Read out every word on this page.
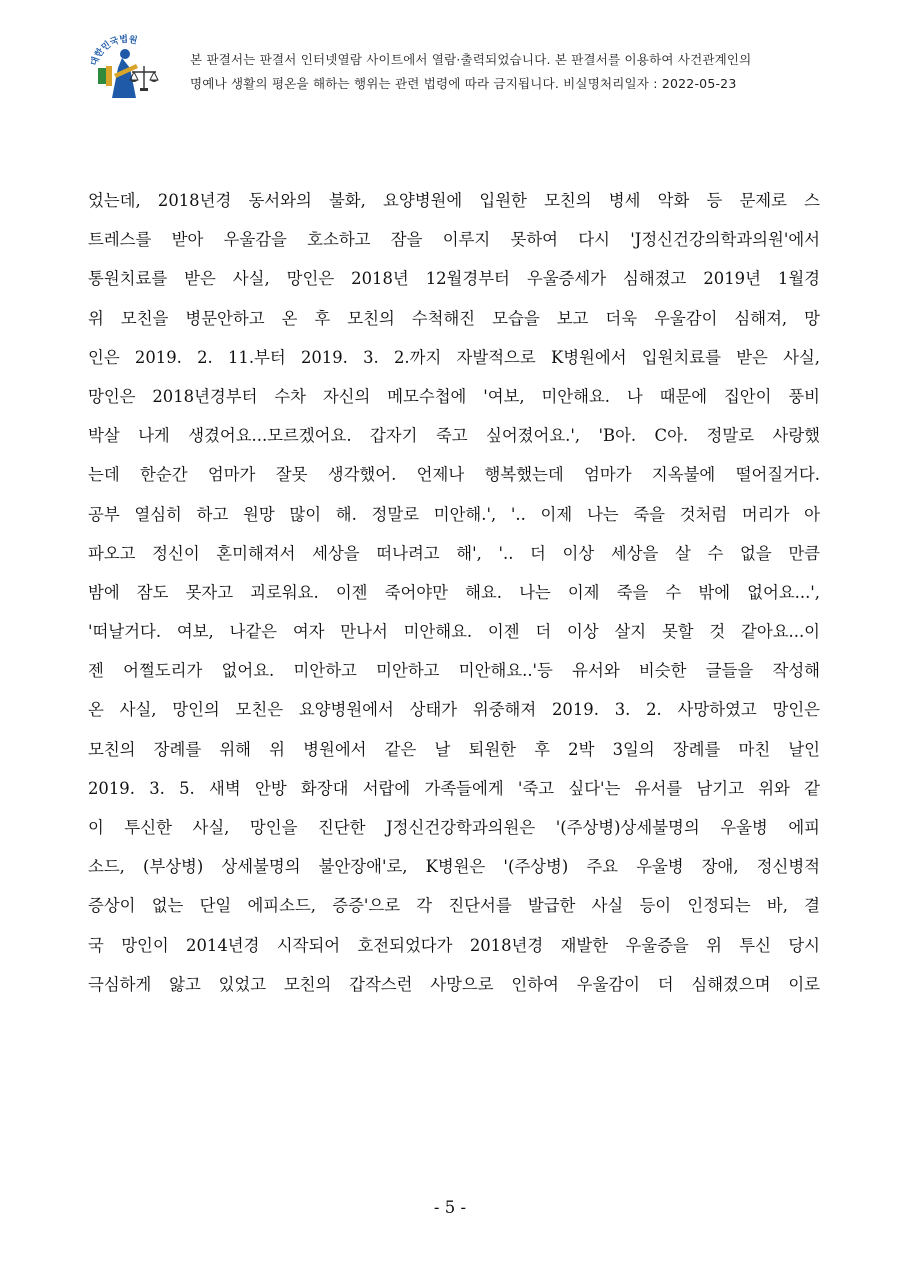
대한민국법원
본 판결서는 판결서 인터넷열람 사이트에서 열람·출력되었습니다. 본 판결서를 이용하여 사건관계인의
명예나 생활의 평온을 해하는 행위는 관련 법령에 따라 금지됩니다. 비실명처리일자 : 2022-05-23
었는데, 2018년경 동서와의 불화, 요양병원에 입원한 모친의 병세 악화 등 문제로 스
트레스를 받아 우울감을 호소하고 잠을 이루지 못하여 다시 'J정신건강의학과의원'에서
통원치료를 받은 사실, 망인은 2018년 12월경부터 우울증세가 심해졌고 2019년 1월경
위 모친을 병문안하고 온 후 모친의 수척해진 모습을 보고 더욱 우울감이 심해져, 망
인은 2019. 2. 11.부터 2019. 3. 2.까지 자발적으로 K병원에서 입원치료를 받은 사실,
망인은 2018년경부터 수차 자신의 메모수첩에 '여보, 미안해요. 나 때문에 집안이 풍비
박살 나게 생겼어요...모르겠어요. 갑자기 죽고 싶어졌어요.', 'B아. C아. 정말로 사랑했
는데 한순간 엄마가 잘못 생각했어. 언제나 행복했는데 엄마가 지옥불에 떨어질거다.
공부 열심히 하고 원망 많이 해. 정말로 미안해.', '.. 이제 나는 죽을 것처럼 머리가 아
파오고 정신이 혼미해져서 세상을 떠나려고 해', '.. 더 이상 세상을 살 수 없을 만큼
밤에 잠도 못자고 괴로워요. 이젠 죽어야만 해요. 나는 이제 죽을 수 밖에 없어요...',
'떠날거다. 여보, 나같은 여자 만나서 미안해요. 이젠 더 이상 살지 못할 것 같아요...이
젠 어쩔도리가 없어요. 미안하고 미안하고 미안해요..'등 유서와 비슷한 글들을 작성해
온 사실, 망인의 모친은 요양병원에서 상태가 위중해져 2019. 3. 2. 사망하였고 망인은
모친의 장례를 위해 위 병원에서 같은 날 퇴원한 후 2박 3일의 장례를 마친 날인
2019. 3. 5. 새벽 안방 화장대 서랍에 가족들에게 '죽고 싶다'는 유서를 남기고 위와 같
이 투신한 사실, 망인을 진단한 J정신건강학과의원은 '(주상병)상세불명의 우울병 에피
소드, (부상병) 상세불명의 불안장애'로, K병원은 '(주상병) 주요 우울병 장애, 정신병적
증상이 없는 단일 에피소드, 증증'으로 각 진단서를 발급한 사실 등이 인정되는 바, 결
국 망인이 2014년경 시작되어 호전되었다가 2018년경 재발한 우울증을 위 투신 당시
극심하게 앓고 있었고 모친의 갑작스런 사망으로 인하여 우울감이 더 심해졌으며 이로
- 5 -
